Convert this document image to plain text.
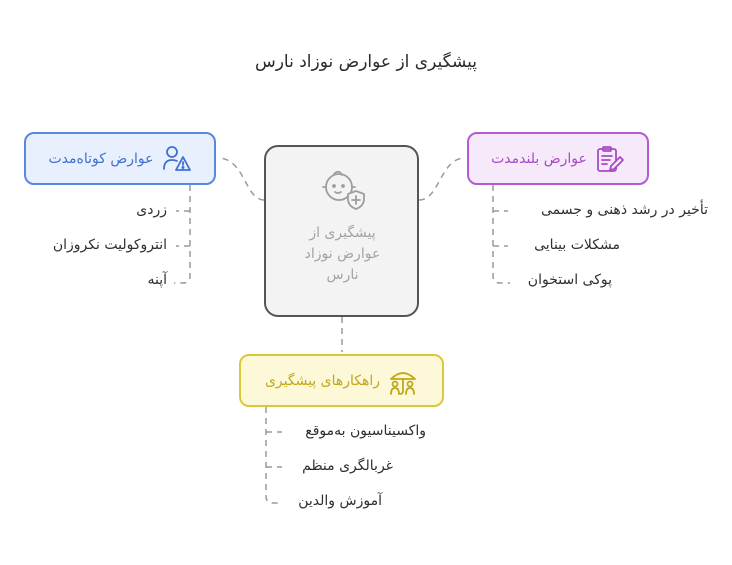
پیشگیری از عوارض نوزاد نارس
پیشگیری از
عوارض نوزاد
نارس
عوارض کوتاه‌مدت	عوارض بلندمدت
راهکارهای پیشگیری
زردی
انتروکولیت نکروزان
آپنه
تأخیر در رشد ذهنی و جسمی
مشکلات بینایی
پوکی استخوان
واکسیناسیون به‌موقع
غربالگری منظم
آموزش والدین
